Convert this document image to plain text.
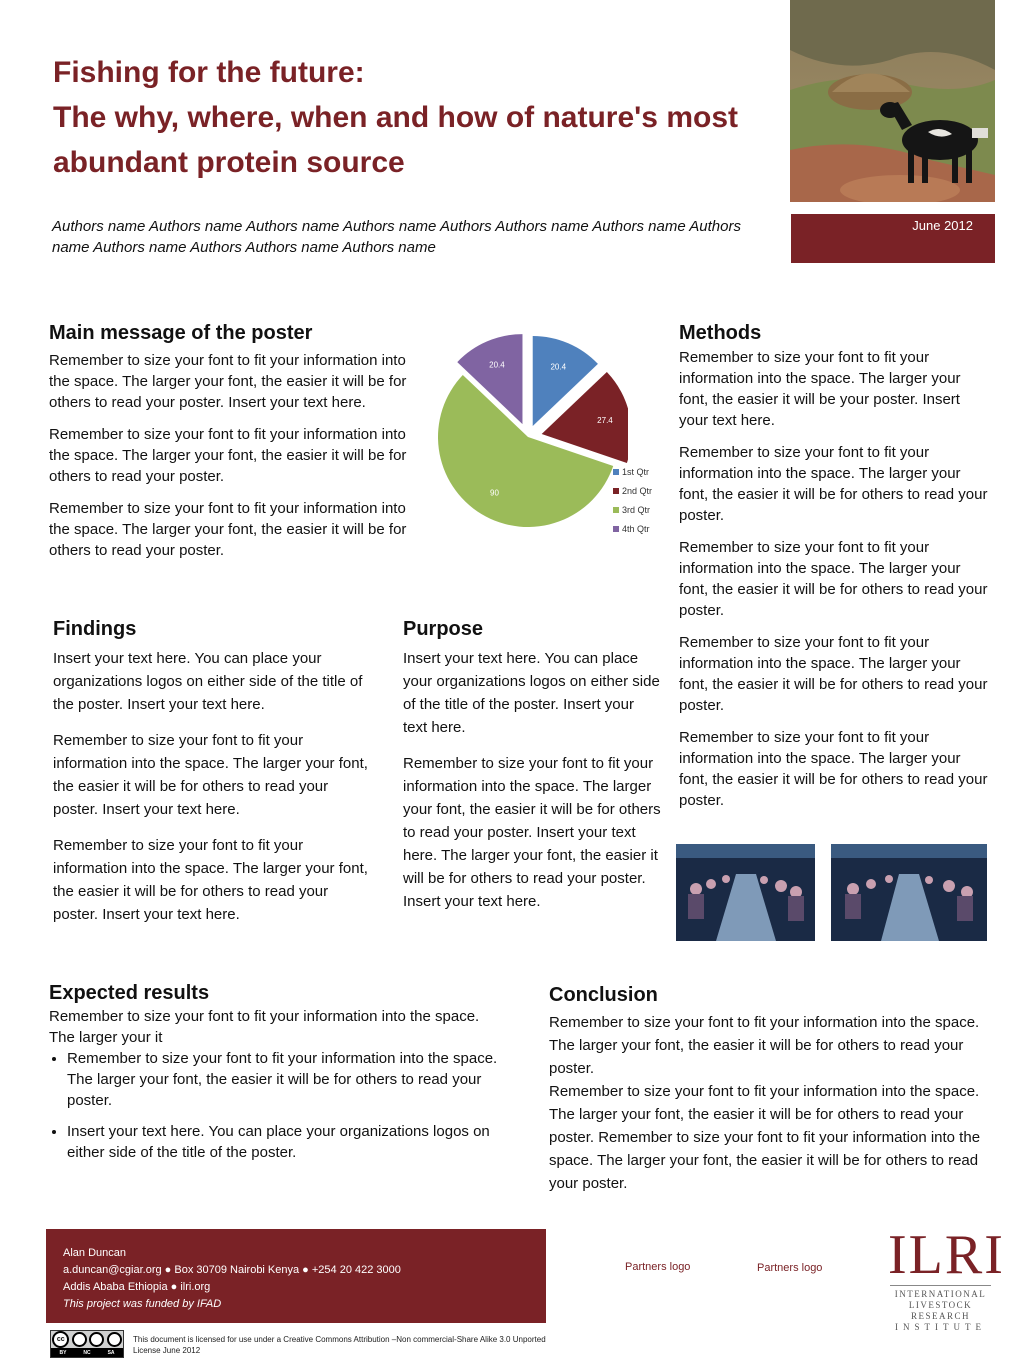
Fishing for the future:
The why, where, when and how of nature's most abundant protein source
Authors name Authors name Authors name Authors name Authors Authors name Authors name Authors name Authors name Authors Authors name Authors name
June 2012
Main message of the poster

Remember to size your font to fit your information into the space. The larger your font, the easier it will be for others to read your poster. Insert your text here.

Remember to size your font to fit your information into the space. The larger your font, the easier it will be for others to read your poster.

Remember to size your font to fit your information into the space. The larger your font, the easier it will be for others to read your poster.

20.4
27.4
90
20.4
1st Qtr
2nd Qtr
3rd Qtr
4th Qtr
Methods

Remember to size your font to fit your information into the space. The larger your font, the easier it will be your poster. Insert your text here.

Remember to size your font to fit your information into the space. The larger your font, the easier it will be for others to read your poster.

Remember to size your font to fit your information into the space. The larger your font, the easier it will be for others to read your poster.

Remember to size your font to fit your information into the space. The larger your font, the easier it will be for others to read your poster.

Remember to size your font to fit your information into the space. The larger your font, the easier it will be for others to read your poster.

Findings

Insert your text here. You can place your organizations logos on either side of the title of the poster. Insert your text here.

Remember to size your font to fit your information into the space. The larger your font, the easier it will be for others to read your poster. Insert your text here.

Remember to size your font to fit your information into the space. The larger your font, the easier it will be for others to read your poster. Insert your text here.

Purpose

Insert your text here. You can place your organizations logos on either side of the title of the poster. Insert your text here.

Remember to size your font to fit your information into the space. The larger your font, the easier it will be for others to read your poster. Insert your text here. The larger your font, the easier it will be for others to read your poster. Insert your text here.

Expected results
Remember to size your font to fit your information into the space. The larger your it
• Remember to size your font to fit your information into the space. The larger your font, the easier it will be for others to read your poster.
• Insert your text here. You can place your organizations logos on either side of the title of the poster.
Conclusion
Remember to size your font to fit your information into the space. The larger your font, the easier it will be for others to read your poster.
Remember to size your font to fit your information into the space. The larger your font, the easier it will be for others to read your poster. Remember to size your font to fit your information into the space. The larger your font, the easier it will be for others to read your poster.
Alan Duncan
a.duncan@cgiar.org ● Box 30709 Nairobi Kenya ● +254 20 422 3000
Addis Ababa Ethiopia ● ilri.org
This project was funded by IFAD
Partners logo	Partners logo ILRI
INTERNATIONAL
LIVESTOCK RESEARCH
INSTITUTE
cc
BY	NC	SA
This document is licensed for use under a Creative Commons Attribution –Non commercial-Share Alike 3.0 Unported License June 2012
